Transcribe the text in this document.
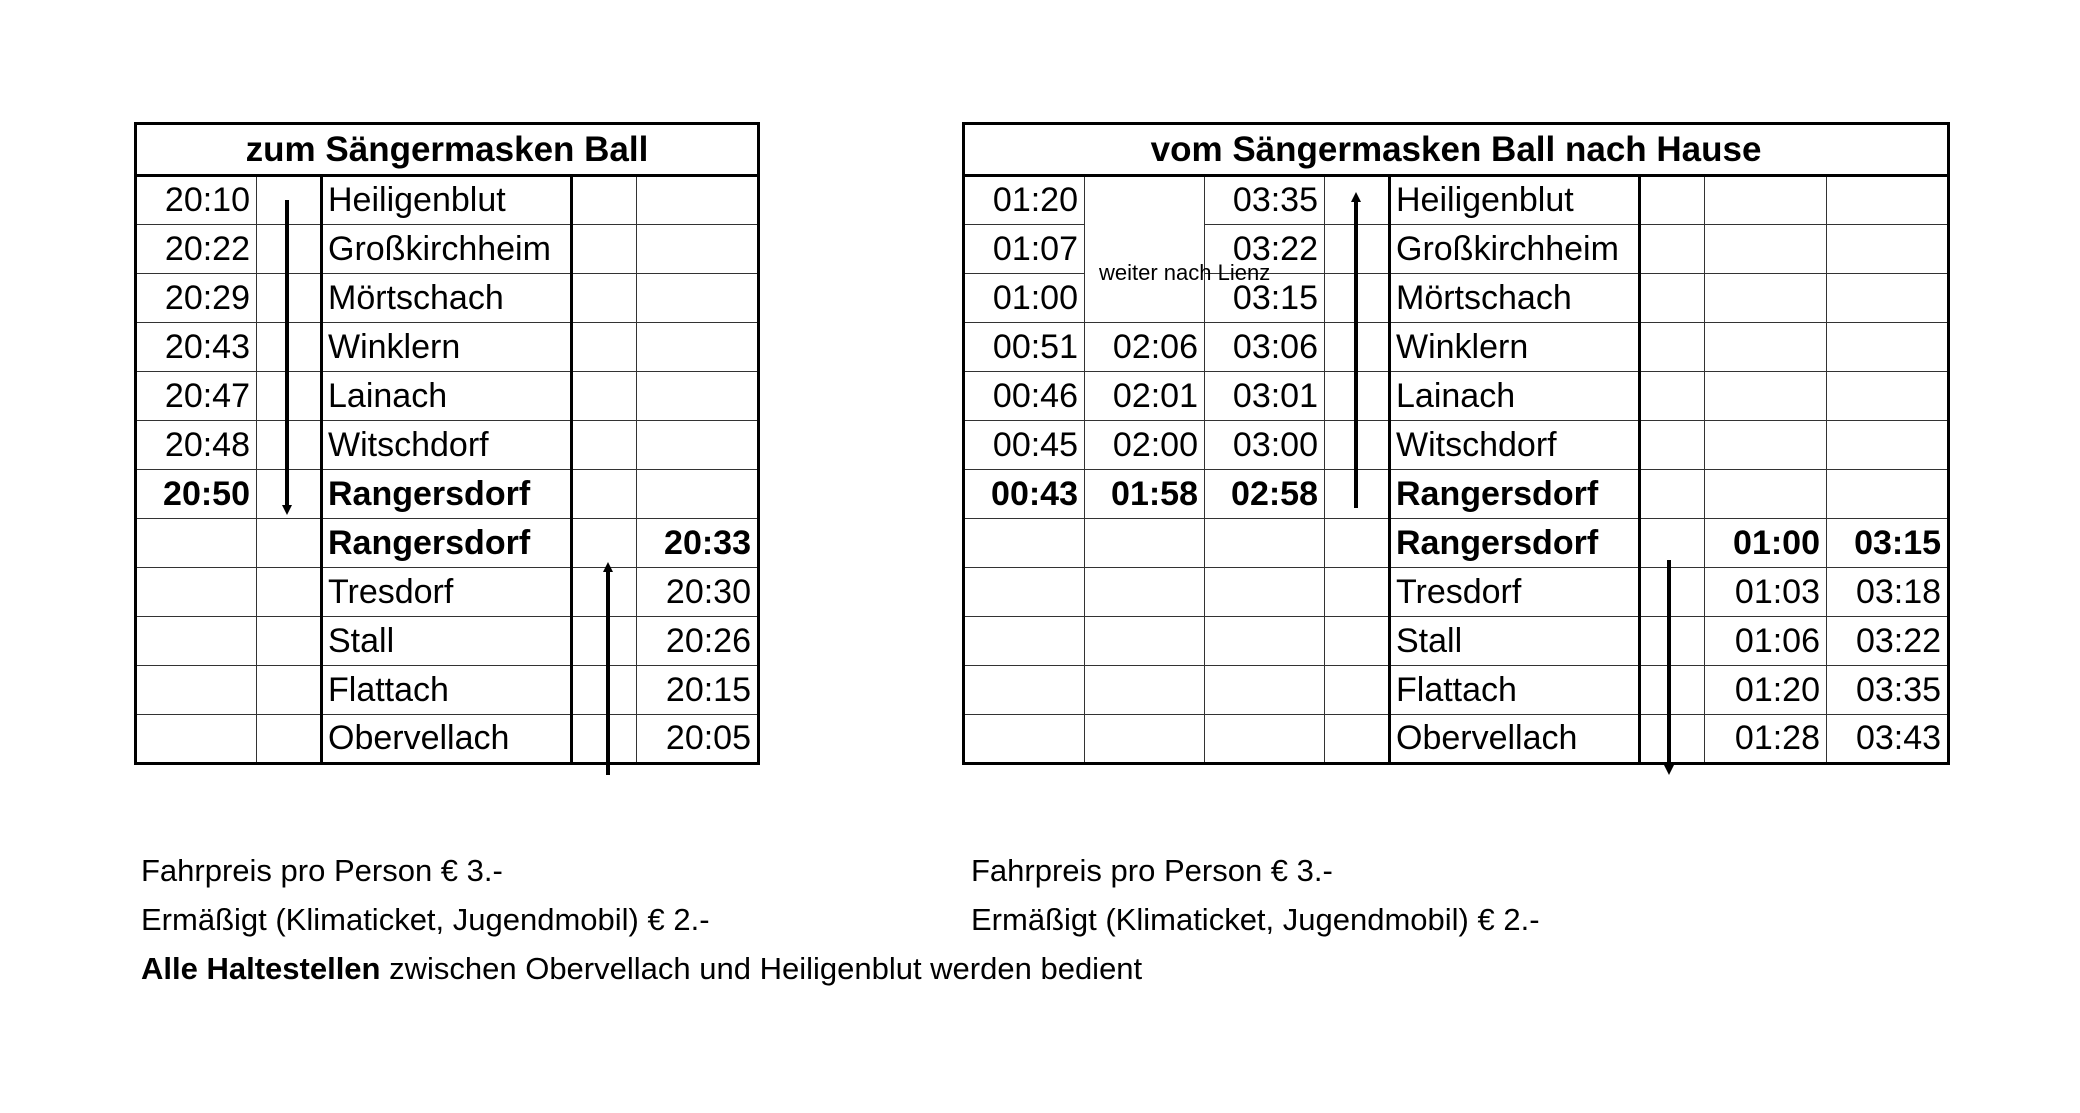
zum Sängermasken Ball				
20:10		Heiligenblut		
20:22		Großkirchheim		
20:29		Mörtschach		
20:43		Winklern		
20:47		Lainach		
20:48		Witschdorf		
20:50		Rangersdorf		
		Rangersdorf		20:33
		Tresdorf		20:30
		Stall		20:26
		Flattach		20:15
		Obervellach		20:05
vom Sängermasken Ball nach Hause							
01:20		03:35		Heiligenblut			
01:07	weiter nach Lienz	03:22		Großkirchheim			
01:00		03:15		Mörtschach			
00:51	02:06	03:06		Winklern			
00:46	02:01	03:01		Lainach			
00:45	02:00	03:00		Witschdorf			
00:43	01:58	02:58		Rangersdorf			
				Rangersdorf		01:00	03:15
				Tresdorf		01:03	03:18
				Stall		01:06	03:22
				Flattach		01:20	03:35
				Obervellach		01:28	03:43
Fahrpreis pro Person € 3.-
Ermäßigt (Klimaticket, Jugendmobil) € 2.-
Alle Haltestellen zwischen Obervellach und Heiligenblut werden bedient
Fahrpreis pro Person € 3.-
Ermäßigt (Klimaticket, Jugendmobil) € 2.-
